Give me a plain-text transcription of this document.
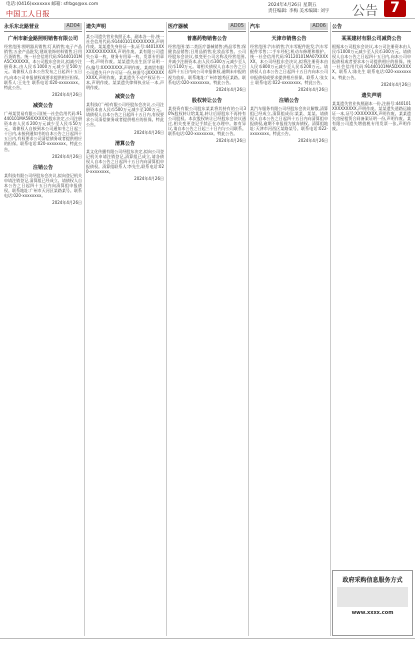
电话:(0416)xxxxxxx 邮箱: sfrbgs@xx.com
中国工人日报
2024年4月26日 星期五
责任编辑: 李梅 美术编辑: 刘宇 公告 7
永乐东北路营业	AD04
广州市新金路照明销售有限公司

经营范围:照明器具销售;灯具销售;电子产品销售;五金产品批发;建筑装饰材料销售;日用百货销售。统一社会信用代码:91440101MA5CXXXXXX。本公司股东会决议,拟减少注册资本,由人民币1000万元减少至500万元。请债权人自本公告发布之日起四十五日内,向本公司申报债权或要求提供相应担保。联系人:王先生 联系电话:020-xxxxxxxx。特此公告。

2024年4月26日
减资公告

广州某贸易有限公司(统一社会信用代码:91440101MA59XXXXXX)股东决定,公司注册资本由人民币200万元减少至人民币50万元。请债权人自接到本公司通知书之日起三十日内,未接到通知书的自本公告之日起四十五日内,有权要求公司清偿债务或者提供相应的担保。联系电话:020-xxxxxxxx。特此公告。

2024年4月26日
注销公告

某科技有限公司经股东会决议,拟向登记机关申请注销登记,清算组已经成立。请债权人自本公告之日起四十五日内向清算组申报债权。联系地址:广州市天河区某路某号。联系电话:020-xxxxxxxx。

2024年4月26日
遗失声明

某公司遗失营业执照正本、副本各一份,统一社会信用代码:91440101XXXXXXXX,声明作废。某某遗失身份证一张,证号:4401XXXXXXXXXXXXXX,声明作废。某有限公司遗失公章一枚、财务专用章一枚、发票专用章一枚,声明作废。某某遗失出生医学证明一份,编号:XXXXXXXX,声明作废。某商贸有限公司遗失开户许可证一份,核准号:JXXXXXXXXXX,声明作废。某某遗失不动产权证书一本,声明作废。某某遗失律师执业证一本,声明作废。

减资公告

某科技(广州)有限公司经股东会决议,公司注册资本由人民币500万元减少至100万元。请债权人自本公告之日起四十五日内,有权要求公司清偿债务或者提供相应的担保。特此公告。

2024年4月26日
清算公告

某文化传播有限公司经股东决定,拟向公司登记机关申请注销登记,清算组已成立,请各债权人自本公告之日起四十五日内向清算组申报债权。清算组联系人:李先生,联系电话:020-xxxxxxxx。

2024年4月26日
医疗器械	AD05
普惠药物销售公告

经营范围:第二类医疗器械销售;药品零售;保健食品销售;日用品销售;化妆品零售。公司经股东会决议,拟变更公司名称及经营范围,并减少注册资本,由人民币300万元减少至人民币100万元。请相关债权人自本公告之日起四十五日内向公司申报债权,逾期未申报的视为放弃。联系地址:广州市越秀区某路。联系电话:020-xxxxxxxx。特此公告。

2024年4月26日
股权转让公告

某投资有限公司股东某某将其持有的公司30%股权转让给某某,转让后原股东不再持有公司股权。本次股权转让已经股东会决议通过,相关变更登记手续正在办理中。如有异议,请自本公告之日起三十日内与公司联系。联系电话:020-xxxxxxxx。特此公告。

2024年4月26日
汽车	AD06
天津市销售公告

经营范围:汽车销售;汽车零配件批发;汽车零配件零售;二手车经纪;机动车修理和维护。统一社会信用代码:91120101MA07XXXXXX。本公司经股东会决议,拟将注册资本由人民币800万元减少至人民币200万元。请债权人自本公告之日起四十五日内向本公司申报债权或要求提供相应担保。联系人:张女士 联系电话:022-xxxxxxxx。特此公告。

2024年4月26日
注销公告

某汽车服务有限公司经股东会决议解散,清算组已经成立,清算组成员:某某、某某。请债权人自本公告之日起四十五日内向清算组申报债权,逾期不申报视为放弃债权。清算组地址:天津市河西区某路某号。联系电话:022-xxxxxxxx。特此公告。

2024年4月26日
公告
某某建材有限公司减资公告

根据本公司股东会决议,本公司注册资本由人民币1000万元减少至人民币300万元。请债权人自本公告之日起四十五日内,向本公司申报债权或者要求本公司提供相应的担保。统一社会信用代码:91440101MA5DXXXXXX。联系人:陈先生 联系电话:020-xxxxxxxx。特此公告。

2024年4月26日
遗失声明

某某遗失营业执照副本一份,注册号:440101XXXXXXXXX,声明作废。某某遗失道路运输证一本,证号:XXXXXXXX,声明作废。某某遗失房屋租赁合同备案证明一份,声明作废。某有限公司遗失增值税专用发票一张,声明作废。

政府采购信息服务方式
www.xxxx.com
